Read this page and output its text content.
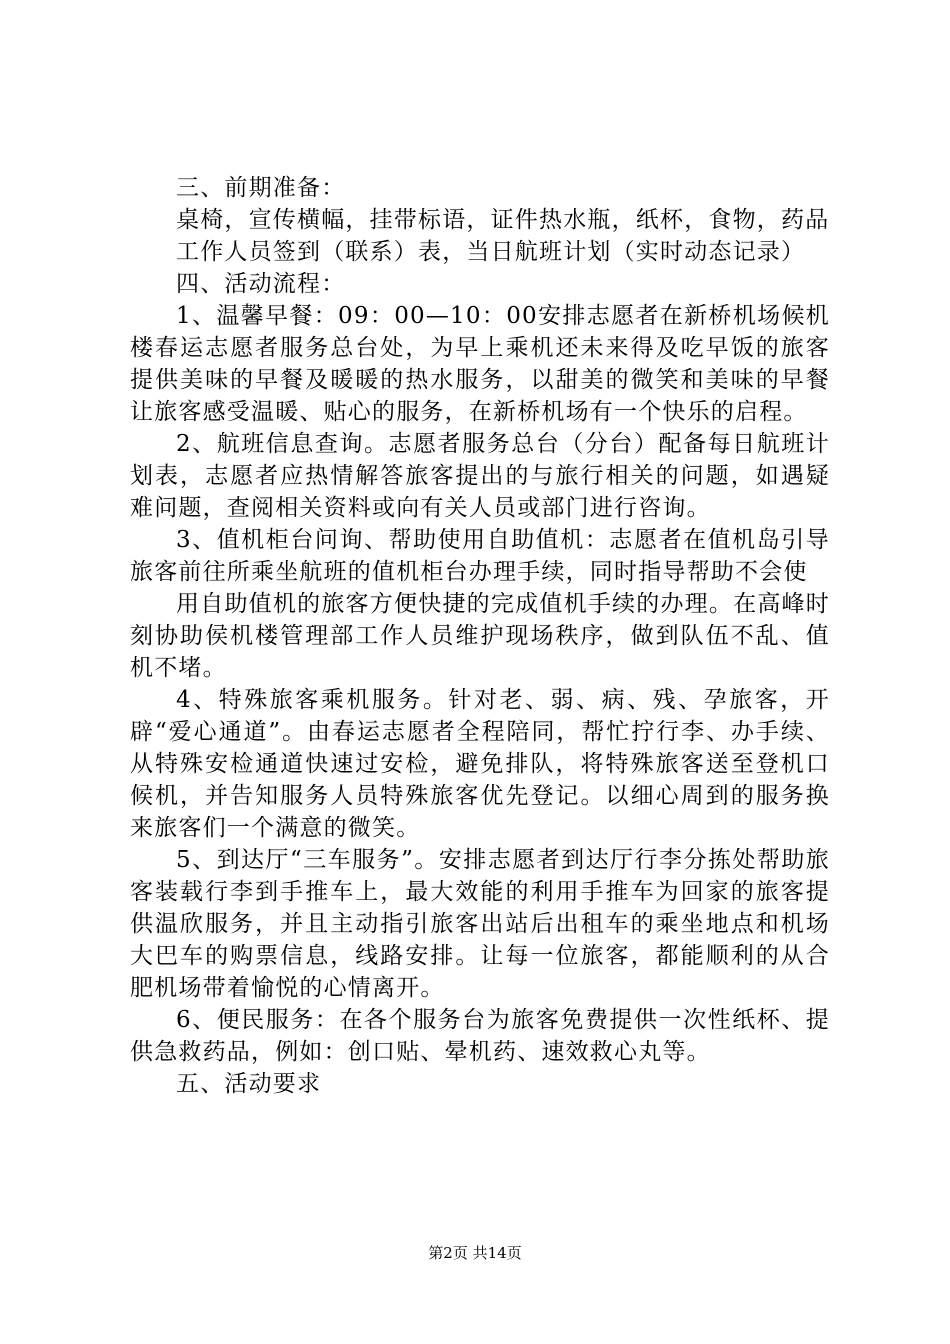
三、前期准备：

桌椅，宣传横幅，挂带标语，证件热水瓶，纸杯，食物，药品

工作人员签到（联系）表，当日航班计划（实时动态记录）

四、活动流程：

1、温馨早餐：09：00—10：00安排志愿者在新桥机场候机楼春运志愿者服务总台处，为早上乘机还未来得及吃早饭的旅客提供美味的早餐及暖暖的热水服务，以甜美的微笑和美味的早餐让旅客感受温暖、贴心的服务，在新桥机场有一个快乐的启程。

2、航班信息查询。志愿者服务总台（分台）配备每日航班计划表，志愿者应热情解答旅客提出的与旅行相关的问题，如遇疑难问题，查阅相关资料或向有关人员或部门进行咨询。

3、值机柜台问询、帮助使用自助值机：志愿者在值机岛引导旅客前往所乘坐航班的值机柜台办理手续，同时指导帮助不会使

用自助值机的旅客方便快捷的完成值机手续的办理。在高峰时刻协助侯机楼管理部工作人员维护现场秩序，做到队伍不乱、值机不堵。

4、特殊旅客乘机服务。针对老、弱、病、残、孕旅客，开辟“爱心通道”。由春运志愿者全程陪同，帮忙拧行李、办手续、从特殊安检通道快速过安检，避免排队，将特殊旅客送至登机口候机，并告知服务人员特殊旅客优先登记。以细心周到的服务换来旅客们一个满意的微笑。

5、到达厅“三车服务”。安排志愿者到达厅行李分拣处帮助旅客装载行李到手推车上，最大效能的利用手推车为回家的旅客提供温欣服务，并且主动指引旅客出站后出租车的乘坐地点和机场大巴车的购票信息，线路安排。让每一位旅客，都能顺利的从合肥机场带着愉悦的心情离开。

6、便民服务：在各个服务台为旅客免费提供一次性纸杯、提供急救药品，例如：创口贴、晕机药、速效救心丸等。

五、活动要求

第2页 共14页
